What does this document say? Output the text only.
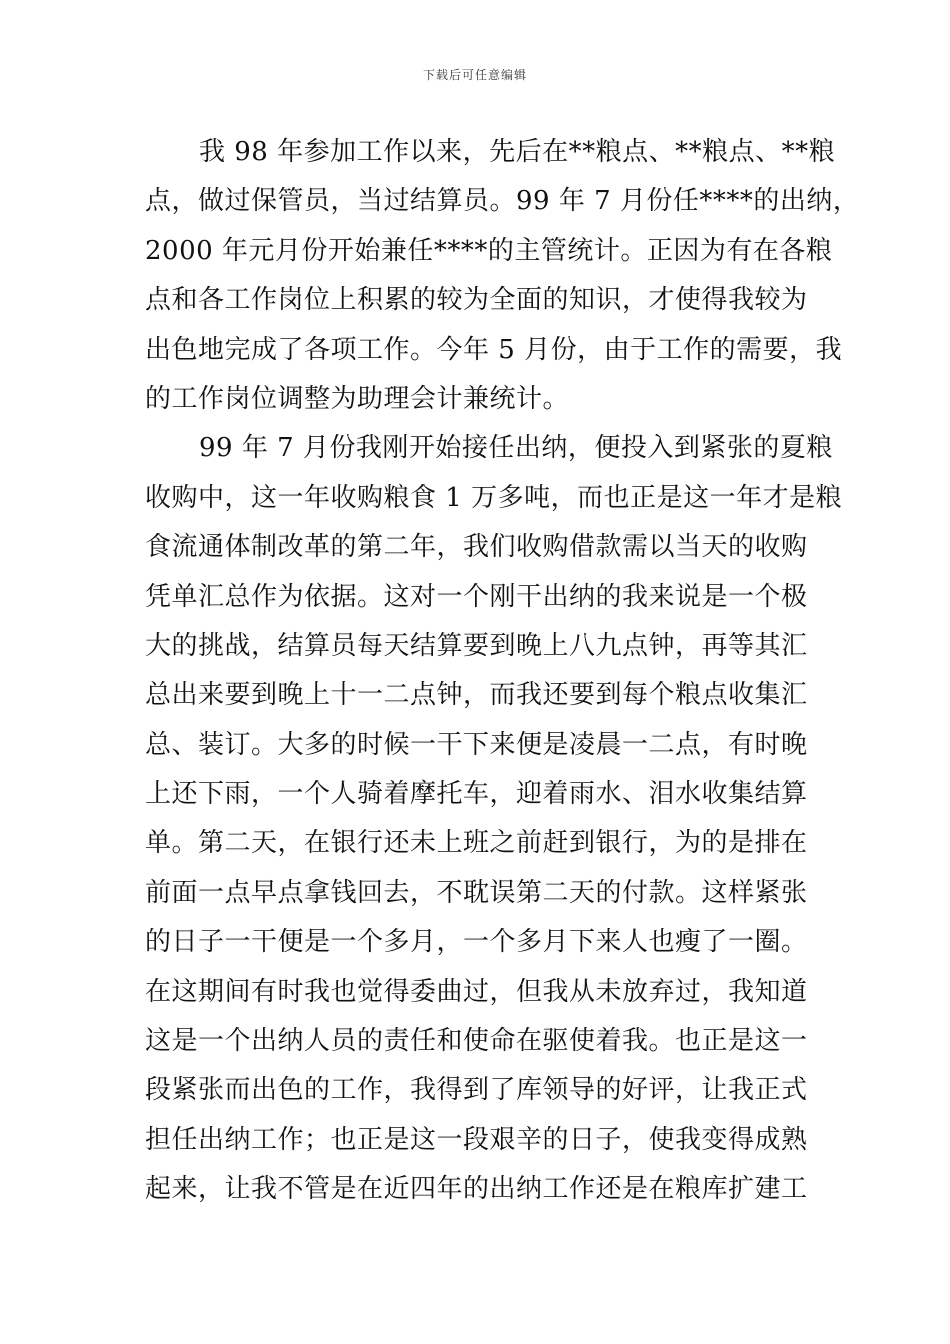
下载后可任意编辑
我 98 年参加工作以来，先后在**粮点、**粮点、**粮
点，做过保管员，当过结算员。99 年 7 月份任****的出纳，
2000 年元月份开始兼任****的主管统计。正因为有在各粮
点和各工作岗位上积累的较为全面的知识，才使得我较为
出色地完成了各项工作。今年 5 月份，由于工作的需要，我
的工作岗位调整为助理会计兼统计。
99 年 7 月份我刚开始接任出纳，便投入到紧张的夏粮
收购中，这一年收购粮食 1 万多吨，而也正是这一年才是粮
食流通体制改革的第二年，我们收购借款需以当天的收购
凭单汇总作为依据。这对一个刚干出纳的我来说是一个极
大的挑战，结算员每天结算要到晚上八九点钟，再等其汇
总出来要到晚上十一二点钟，而我还要到每个粮点收集汇
总、装订。大多的时候一干下来便是凌晨一二点，有时晚
上还下雨，一个人骑着摩托车，迎着雨水、泪水收集结算
单。第二天，在银行还未上班之前赶到银行，为的是排在
前面一点早点拿钱回去，不耽误第二天的付款。这样紧张
的日子一干便是一个多月，一个多月下来人也瘦了一圈。
在这期间有时我也觉得委曲过，但我从未放弃过，我知道
这是一个出纳人员的责任和使命在驱使着我。也正是这一
段紧张而出色的工作，我得到了库领导的好评，让我正式
担任出纳工作；也正是这一段艰辛的日子，使我变得成熟
起来，让我不管是在近四年的出纳工作还是在粮库扩建工
